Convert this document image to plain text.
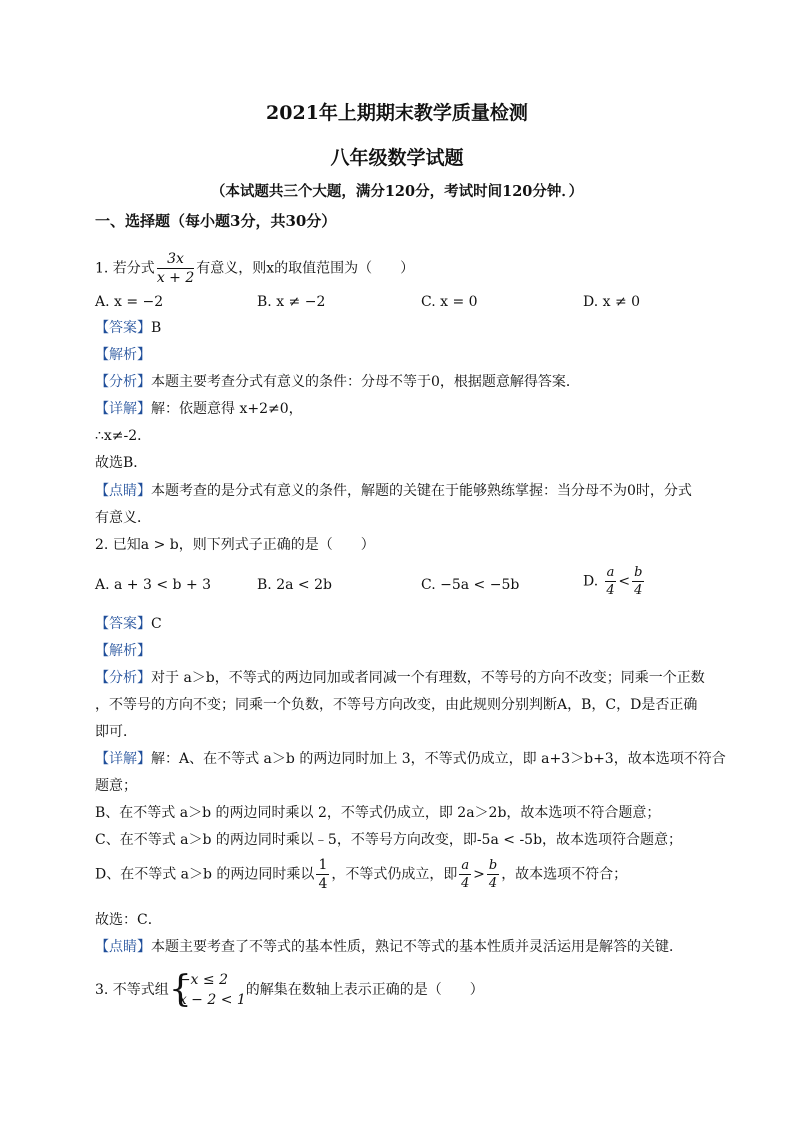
2021年上期期末教学质量检测
八年级数学试题
（本试题共三个大题，满分120分，考试时间120分钟．）
一、选择题（每小题3分，共30分）
1. 若分式 $\frac{3x}{x + 2}$ 有意义，则x的取值范围为（　　）
A. x = −2	B. x ≠ −2	C. x = 0	D. x ≠ 0
【答案】B
【解析】
【分析】本题主要考查分式有意义的条件：分母不等于0，根据题意解得答案．
【详解】解：依题意得 x+2≠0，
∴x≠-2．
故选B．
【点睛】本题考查的是分式有意义的条件，解题的关键在于能够熟练掌握：当分母不为0时，分式
有意义．
2. 已知a > b，则下列式子正确的是（　　）
A. a + 3 < b + 3	B. 2a < 2b	C. −5a < −5b	D. $\frac{a}{4} < \frac{b}{4}$
【答案】C
【解析】
【分析】对于 a＞b，不等式的两边同加或者同减一个有理数，不等号的方向不改变；同乘一个正数
，不等号的方向不变；同乘一个负数，不等号方向改变，由此规则分别判断A，B，C，D是否正确
即可．
【详解】解：A、在不等式 a＞b 的两边同时加上 3，不等式仍成立，即 a+3＞b+3，故本选项不符合
题意；
B、在不等式 a＞b 的两边同时乘以 2，不等式仍成立，即 2a＞2b，故本选项不符合题意；
C、在不等式 a＞b 的两边同时乘以﹣5，不等号方向改变，即-5a < -5b，故本选项符合题意；
D、在不等式 a＞b 的两边同时乘以 $\frac{1}{4}$ ，不等式仍成立，即 $\frac{a}{4} > \frac{b}{4}$ ，故本选项不符合；
故选：C．
【点睛】本题主要考查了不等式的基本性质，熟记不等式的基本性质并灵活运用是解答的关键．
3. 不等式组 {
−x ≤ 2
x − 2 < 1
的解集在数轴上表示正确的是（　　）
